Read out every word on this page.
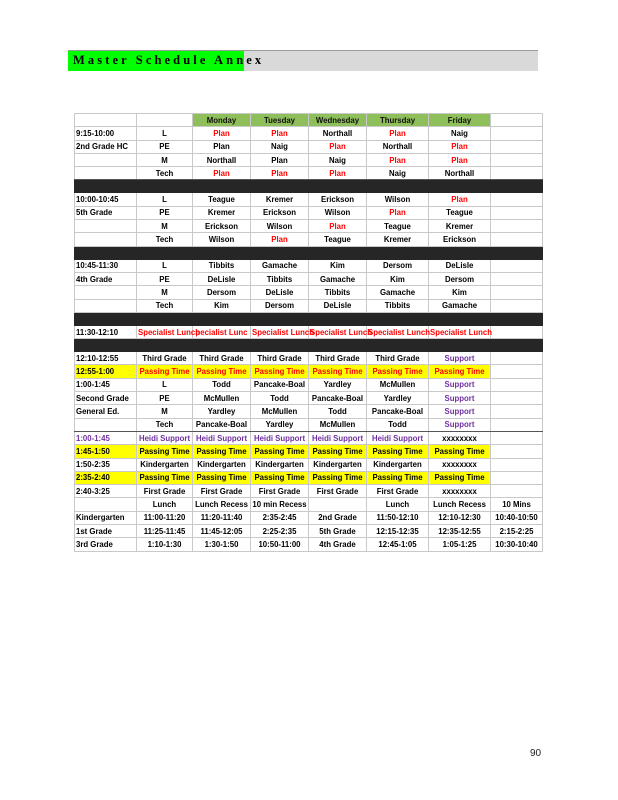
Master Schedule Annex
		Monday	Tuesday	Wednesday	Thursday	Friday	
9:15-10:00	L	Plan	Plan	Northall	Plan	Naig	
2nd Grade HC	PE	Plan	Naig	Plan	Northall	Plan	
	M	Northall	Plan	Naig	Plan	Plan	
	Tech	Plan	Plan	Plan	Naig	Northall	

10:00-10:45	L	Teague	Kremer	Erickson	Wilson	Plan	
5th Grade	PE	Kremer	Erickson	Wilson	Plan	Teague	
	M	Erickson	Wilson	Plan	Teague	Kremer	
	Tech	Wilson	Plan	Teague	Kremer	Erickson	

10:45-11:30	L	Tibbits	Gamache	Kim	Dersom	DeLisle	
4th Grade	PE	DeLisle	Tibbits	Gamache	Kim	Dersom	
	M	Dersom	DeLisle	Tibbits	Gamache	Kim	
	Tech	Kim	Dersom	DeLisle	Tibbits	Gamache	

11:30-12:10	Specialist Lunch	pecialist Lunc	Specialist Lunch	Specialist Lunch	Specialist Lunch	Specialist Lunch	

12:10-12:55	Third Grade	Third Grade	Third Grade	Third Grade	Third Grade	Support	
12:55-1:00	Passing Time	Passing Time	Passing Time	Passing Time	Passing Time	Passing Time	
1:00-1:45	L	Todd	Pancake-Boal	Yardley	McMullen	Support	
Second Grade	PE	McMullen	Todd	Pancake-Boal	Yardley	Support	
General Ed.	M	Yardley	McMullen	Todd	Pancake-Boal	Support	
	Tech	Pancake-Boal	Yardley	McMullen	Todd	Support	
1:00-1:45	Heidi Support	Heidi Support	Heidi Support	Heidi Support	Heidi Support	xxxxxxxx	
1:45-1:50	Passing Time	Passing Time	Passing Time	Passing Time	Passing Time	Passing Time	
1:50-2:35	Kindergarten	Kindergarten	Kindergarten	Kindergarten	Kindergarten	xxxxxxxx	
2:35-2:40	Passing Time	Passing Time	Passing Time	Passing Time	Passing Time	Passing Time	
2:40-3:25	First Grade	First Grade	First Grade	First Grade	First Grade	xxxxxxxx	
	Lunch	Lunch Recess	10 min Recess		Lunch	Lunch Recess	10 Mins
Kindergarten	11:00-11:20	11:20-11:40	2:35-2:45	2nd Grade	11:50-12:10	12:10-12:30	10:40-10:50
1st Grade	11:25-11:45	11:45-12:05	2:25-2:35	5th Grade	12:15-12:35	12:35-12:55	2:15-2:25
3rd Grade	1:10-1:30	1:30-1:50	10:50-11:00	4th Grade	12:45-1:05	1:05-1:25	10:30-10:40
90
